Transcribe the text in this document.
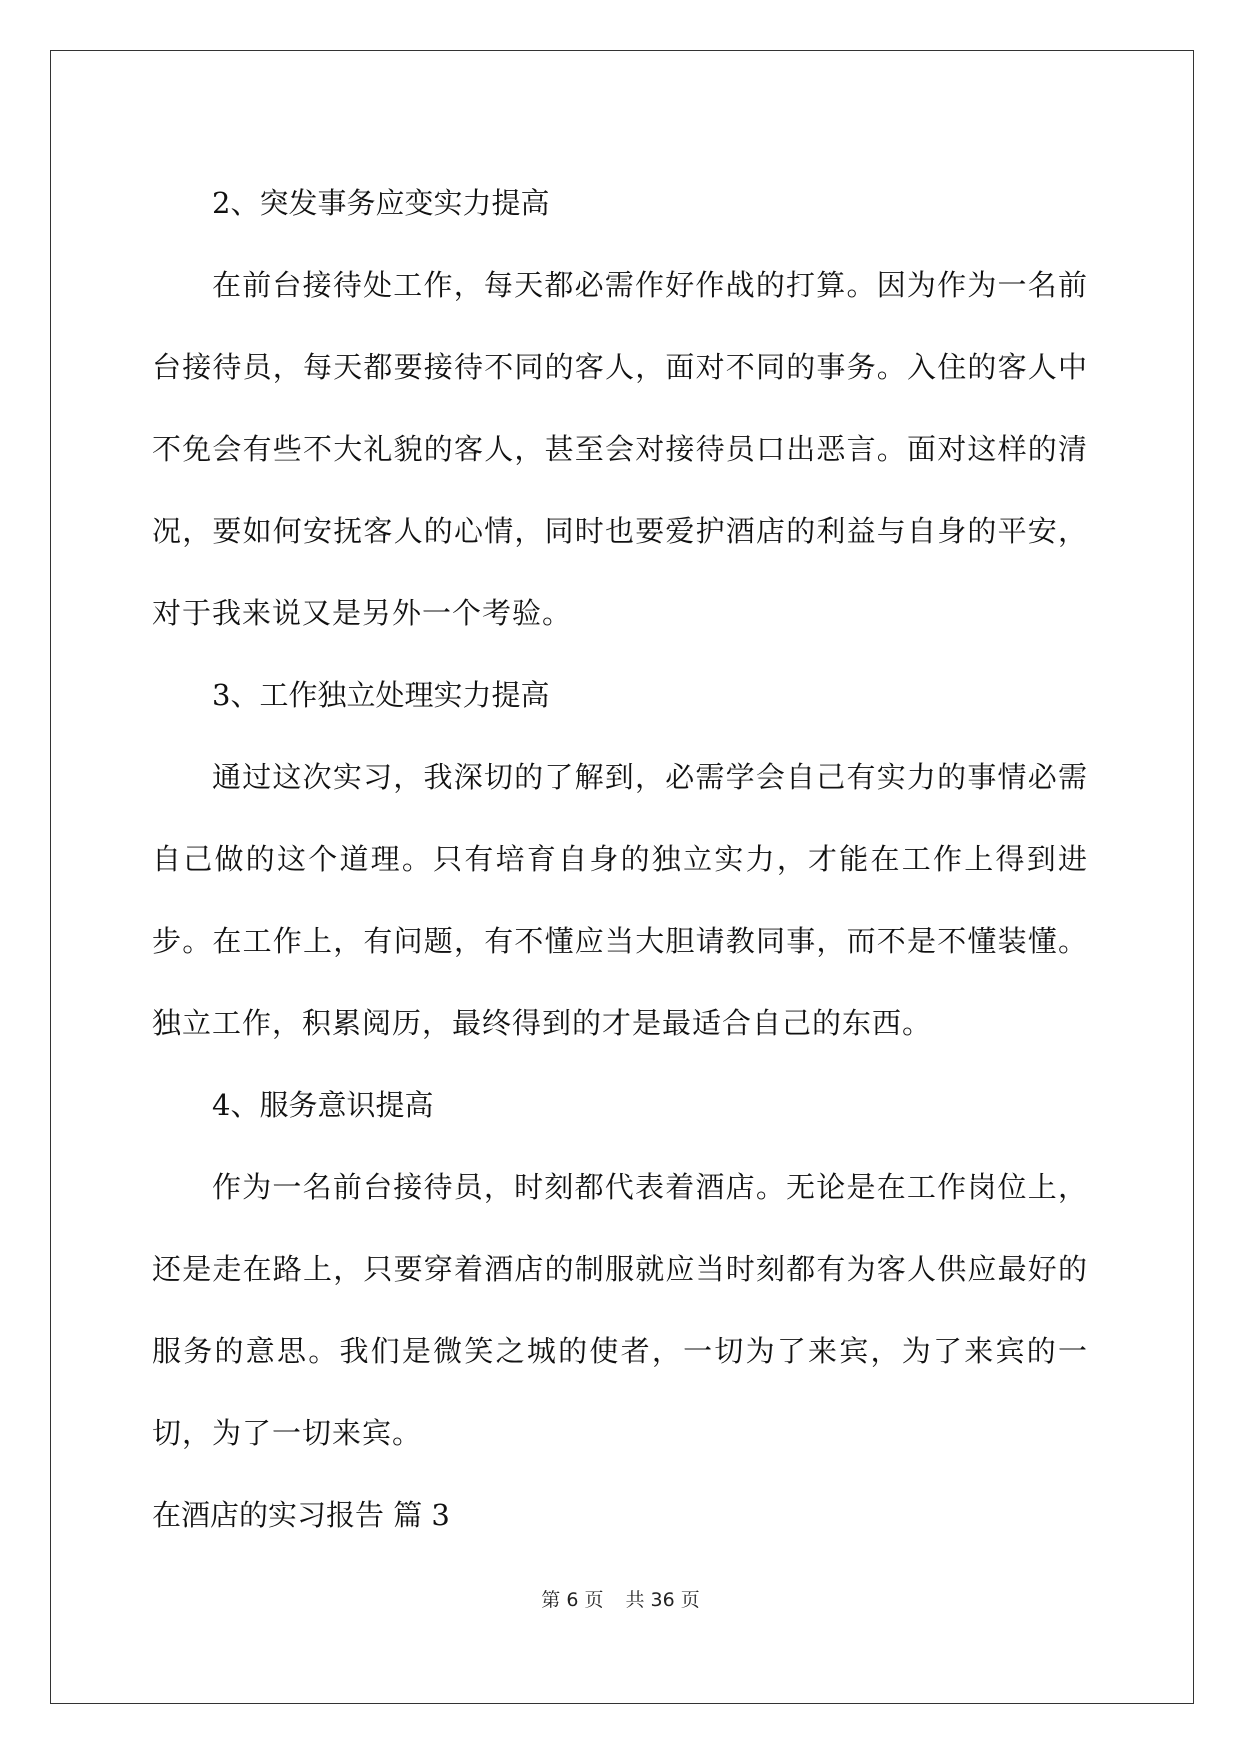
2、突发事务应变实力提高

在前台接待处工作，每天都必需作好作战的打算。因为作为一名前台接待员，每天都要接待不同的客人，面对不同的事务。入住的客人中不免会有些不大礼貌的客人，甚至会对接待员口出恶言。面对这样的清况，要如何安抚客人的心情，同时也要爱护酒店的利益与自身的平安，对于我来说又是另外一个考验。

3、工作独立处理实力提高

通过这次实习，我深切的了解到，必需学会自己有实力的事情必需自己做的这个道理。只有培育自身的独立实力，才能在工作上得到进步。在工作上，有问题，有不懂应当大胆请教同事，而不是不懂装懂。独立工作，积累阅历，最终得到的才是最适合自己的东西。

4、服务意识提高

作为一名前台接待员，时刻都代表着酒店。无论是在工作岗位上，还是走在路上，只要穿着酒店的制服就应当时刻都有为客人供应最好的服务的意思。我们是微笑之城的使者，一切为了来宾，为了来宾的一切，为了一切来宾。

在酒店的实习报告 篇 3

第 6 页 共 36 页
